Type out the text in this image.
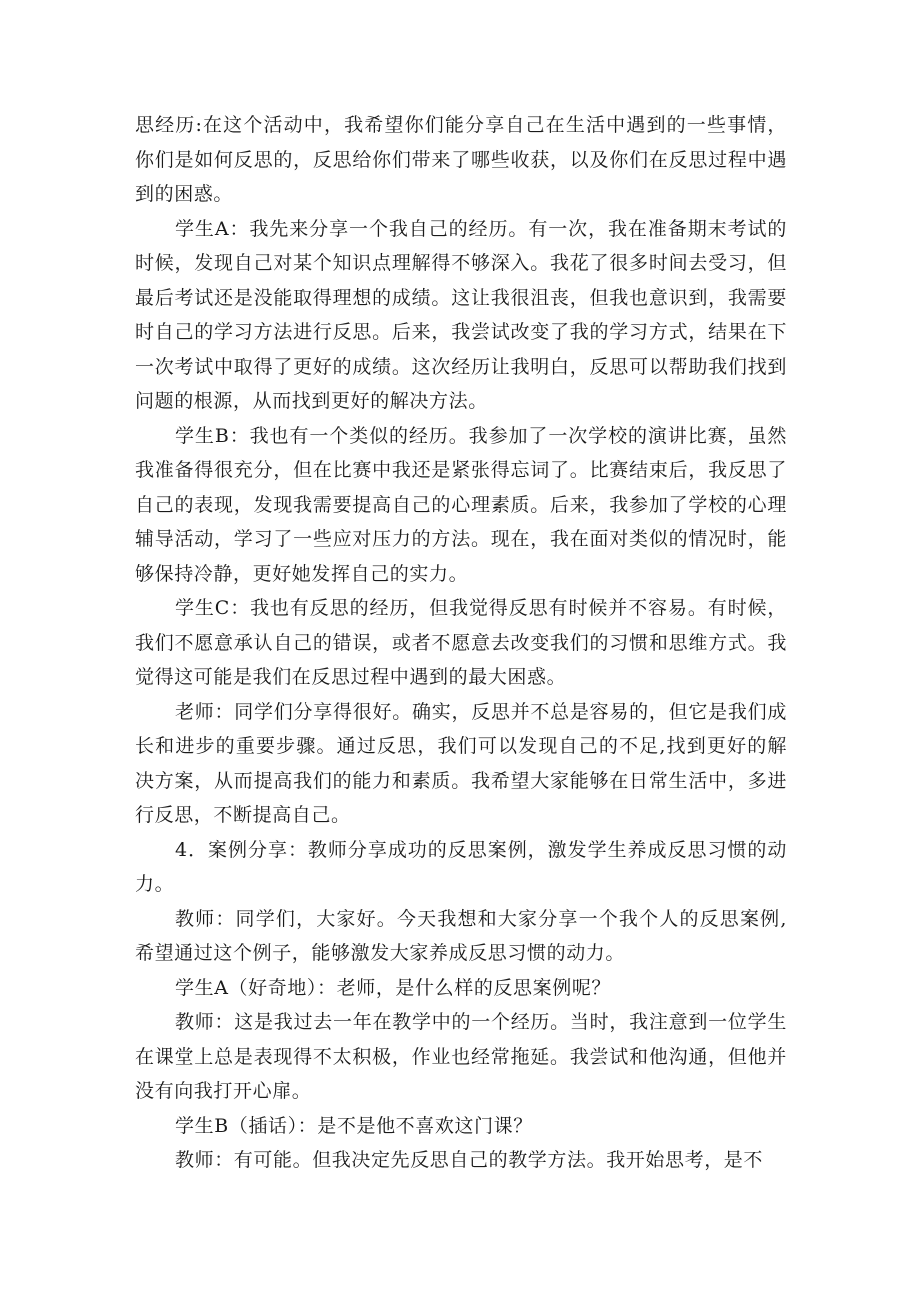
思经历:在这个活动中，我希望你们能分享自己在生活中遇到的一些事情，你们是如何反思的，反思给你们带来了哪些收获，以及你们在反思过程中遇到的困惑。

学生A：我先来分享一个我自己的经历。有一次，我在准备期末考试的时候，发现自己对某个知识点理解得不够深入。我花了很多时间去受习，但最后考试还是没能取得理想的成绩。这让我很沮丧，但我也意识到，我需要时自己的学习方法进行反思。后来，我尝试改变了我的学习方式，结果在下一次考试中取得了更好的成绩。这次经历让我明白，反思可以帮助我们找到问题的根源，从而找到更好的解决方法。

学生B：我也有一个类似的经历。我参加了一次学校的演讲比赛，虽然我准备得很充分，但在比赛中我还是紧张得忘词了。比赛结束后，我反思了自己的表现，发现我需要提高自己的心理素质。后来，我参加了学校的心理辅导活动，学习了一些应对压力的方法。现在，我在面对类似的情况时，能够保持冷静，更好她发挥自己的实力。

学生C：我也有反思的经历，但我觉得反思有时候并不容易。有时候，我们不愿意承认自己的错误，或者不愿意去改变我们的习惯和思维方式。我觉得这可能是我们在反思过程中遇到的最大困惑。

老师：同学们分享得很好。确实，反思并不总是容易的，但它是我们成长和进步的重要步骤。通过反思，我们可以发现自己的不足,找到更好的解决方案，从而提高我们的能力和素质。我希望大家能够在日常生活中，多进行反思，不断提高自己。

4．案例分享：教师分享成功的反思案例，激发学生养成反思习惯的动力。

教师：同学们，大家好。今天我想和大家分享一个我个人的反思案例,希望通过这个例子，能够激发大家养成反思习惯的动力。

学生A（好奇地）：老师，是什么样的反思案例呢？

教师：这是我过去一年在教学中的一个经历。当时，我注意到一位学生在课堂上总是表现得不太积极，作业也经常拖延。我尝试和他沟通，但他并没有向我打开心扉。

学生B（插话）：是不是他不喜欢这门课？

教师：有可能。但我决定先反思自己的教学方法。我开始思考，是不
